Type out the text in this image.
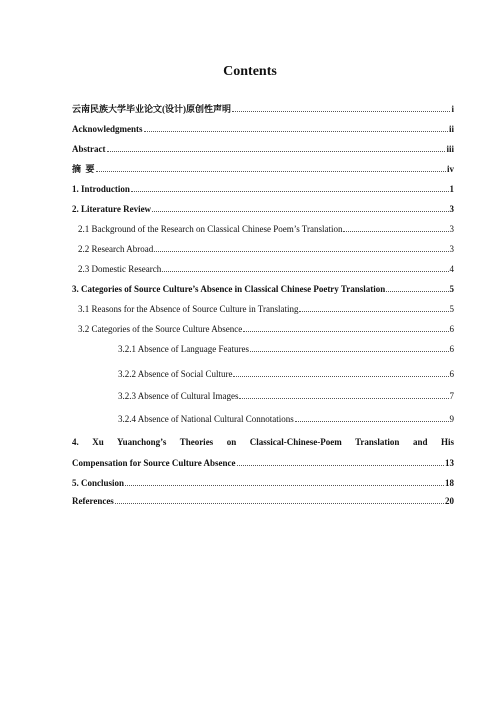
Contents
云南民族大学毕业论文(设计)原创性声明	i
Acknowledgments	ii
Abstract	iii
摘  要	iv
1. Introduction	1
2. Literature Review	3
2.1 Background of the Research on Classical Chinese Poem’s Translation	3
2.2 Research Abroad	3
2.3 Domestic Research	4
3. Categories of Source Culture’s Absence in Classical Chinese Poetry Translation	5
3.1 Reasons for the Absence of Source Culture in Translating	5
3.2 Categories of the Source Culture Absence	6
3.2.1 Absence of Language Features	6
3.2.2 Absence of Social Culture	6
3.2.3 Absence of Cultural Images	7
3.2.4 Absence of National Cultural Connotations	9
4.  Xu  Yuanchong’s  Theories  on  Classical-Chinese-Poem  Translation  and  His
Compensation for Source Culture Absence	13
5. Conclusion	18
References	20
